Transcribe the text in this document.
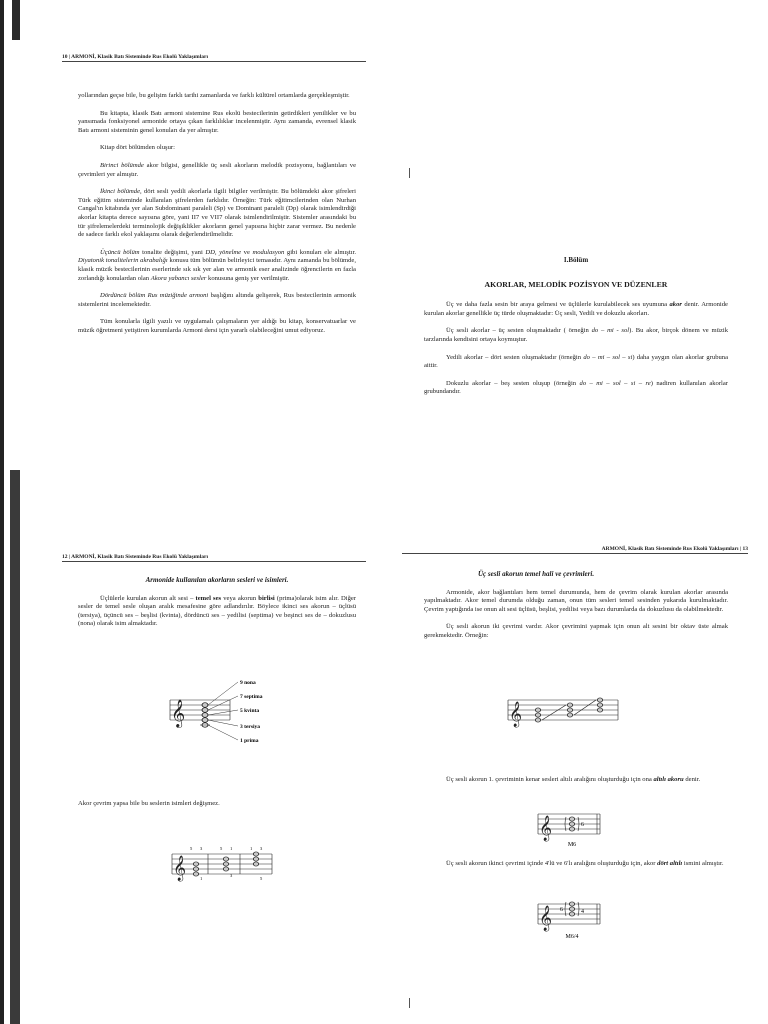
10 | ARMONİ, Klasik Batı Sisteminde Rus Ekolü Yaklaşımları

yollarından geçse bile, bu gelişim farklı tarihi zamanlarda ve farklı kültürel ortamlarda gerçekleşmiştir.

Bu kitapta, klasik Batı armoni sistemine Rus ekolü bestecilerinin getirdikleri yenilikler ve bu yansımada fonksiyonel armonide ortaya çıkan farklılıklar incelenmiştir. Aynı zamanda, evrensel klasik Batı armoni sisteminin genel konuları da yer almıştır.

Kitap dört bölümden oluşur:

Birinci bölümde akor bilgisi, genellikle üç sesli akorların melodik pozisyonu, bağlantıları ve çevrimleri yer almıştır.

İkinci bölümde, dört sesli yedili akorlarla ilgili bilgiler verilmiştir. Bu bölümdeki akor şifreleri Türk eğitim sisteminde kullanılan şifrelerden farklıdır. Örneğin: Türk eğitimcilerinden olan Nurhan Cangal'ın kitabında yer alan Subdominant paraleli (Sp) ve Dominant paraleli (Dp) olarak isimlendirdiği akorlar kitapta derece sayısına göre, yani II7 ve VII7 olarak isimlendirilmiştir. Sistemler arasındaki bu tür şifrelemelerdeki terminolojik değişiklikler akorların genel yapısına hiçbir zarar vermez. Bu nedenle de sadece farklı ekol yaklaşımı olarak değerlendirilmelidir.

Üçüncü bölüm tonalite değişimi, yani DD, yönelme ve modulasyon gibi konuları ele almıştır. Diyatonik tonalitelerin akrabalığı konusu tüm bölümün belirleyici temasıdır. Aynı zamanda bu bölümde, klasik müzik bestecilerinin eserlerinde sık sık yer alan ve armonik eser analizinde öğrencilerin en fazla zorlandığı konulardan olan Akora yabancı sesler konusuna geniş yer verilmiştir.

Dördüncü bölüm Rus müziğinde armoni başlığını altında gelişerek, Rus bestecilerinin armonik sistemlerini incelemektedir.

Tüm konularla ilgili yazılı ve uygulamalı çalışmaların yer aldığı bu kitap, konservatuarlar ve müzik öğretmeni yetiştiren kurumlarda Armoni dersi için yararlı olabileceğini umut ediyoruz.

I.Bölüm
AKORLAR, MELODİK POZİSYON VE DÜZENLER

Üç ve daha fazla sesin bir araya gelmesi ve üçlülerle kurulabilecek ses uyumuna akor denir. Armonide kurulan akorlar genellikle üç türde oluşmaktadır: Üç sesli, Yedili ve dokuzlu akorları.

Üç sesli akorlar – üç sesten oluşmaktadır ( örneğin do – mi - sol). Bu akor, birçok dönem ve müzik tarzlarında kendisini ortaya koymuştur.

Yedili akorlar – dört sesten oluşmaktadır (örneğin do – mi – sol – si) daha yaygın olan akorlar grubuna aittir.

Dokuzlu akorlar – beş sesten oluşup (örneğin do – mi – sol – si – re) nadiren kullanılan akorlar grubundandır.

12 | ARMONİ, Klasik Batı Sisteminde Rus Ekolü Yaklaşımları
Armonide kullanılan akorların sesleri ve isimleri.

Üçlülerle kurulan akorun alt sesi – temel ses veya akorun birlisi (prima)olarak isim alır. Diğer sesler de temel sesle oluşan aralık mesafesine göre adlandırılır. Böylece ikinci ses akorun – üçlüsü (tersiya), üçüncü ses – beşlisi (kvinta), dördüncü ses – yedilisi (septima) ve beşinci ses de – dokuzlusu (nona) olarak isim almaktadır.

𝄞
9 nona
7 septima
5 kvinta
3 tersiya
1 prima

Akor çevrim yapsa bile bu seslerin isimleri değişmez.

𝄞	1
3
5
3
5 1
5
1 3
ARMONİ, Klasik Batı Sisteminde Rus Ekolü Yaklaşımları | 13
Üç sesli akorun temel hali ve çevrimleri.

Armonide, akor bağlantıları hem temel durumunda, hem de çevrim olarak kurulan akorlar arasında yapılmaktadır. Akor temel durumda olduğu zaman, onun tüm sesleri temel sesinden yukarıda kurulmaktadır. Çevrim yaptığında ise onun alt sesi üçlüsü, beşlisi, yedilisi veya bazı durumlarda da dokuzlusu da olabilmektedir.

Üç sesli akorun iki çevrimi vardır. Akor çevrimini yapmak için onun alt sesini bir oktav üste almak gerekmektedir. Örneğin:

𝄞

Üç sesli akorun 1. çevriminin kenar sesleri altılı aralığını oluşturduğu için ona altılı akoru denir.

𝄞	6
M6

Üç sesli akorun ikinci çevrimi içinde 4'lü ve 6'lı aralığını oluşturduğu için, akor dört altılı ismini almıştır.

𝄞 6	4
M6/4
